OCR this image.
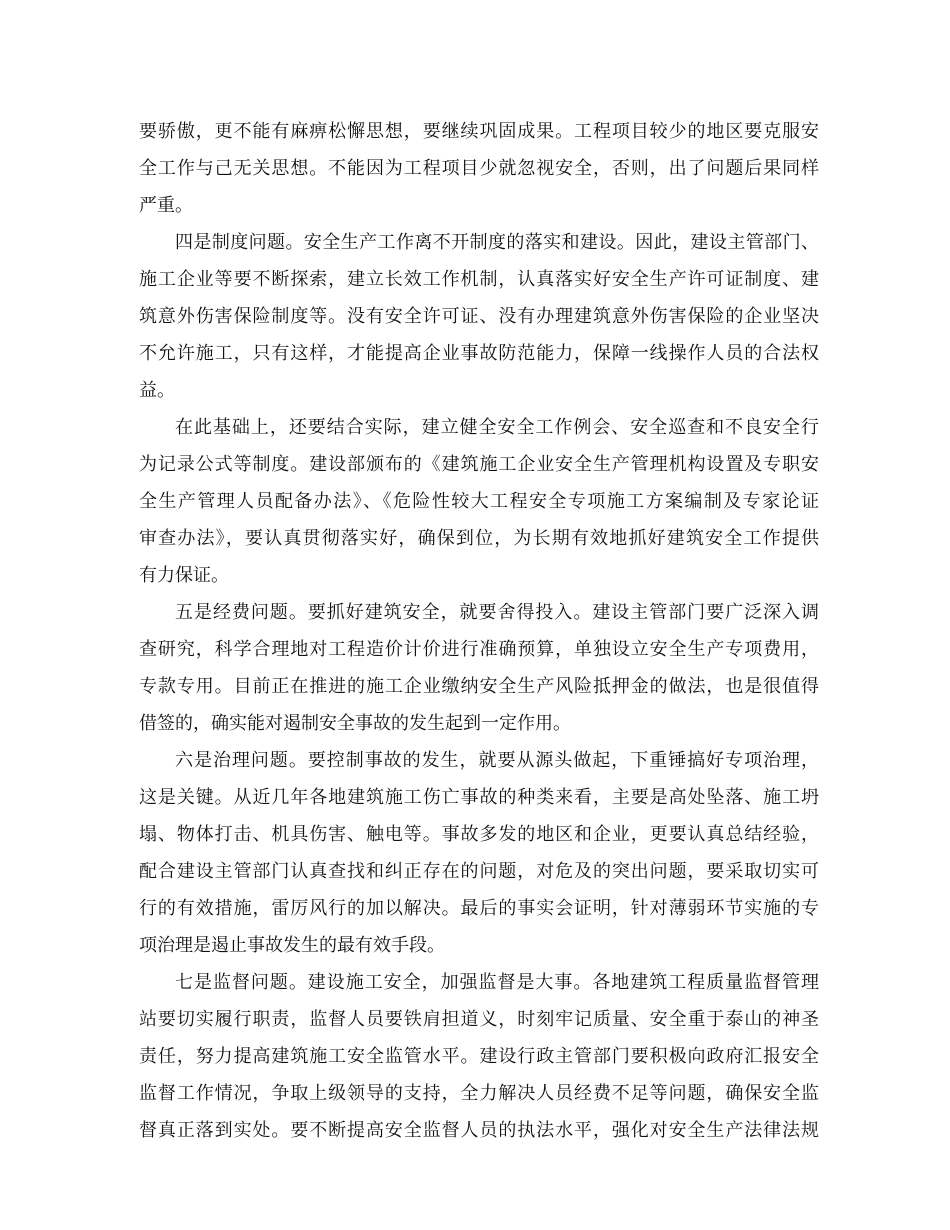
要骄傲，更不能有麻痹松懈思想，要继续巩固成果。工程项目较少的地区要克服安
全工作与己无关思想。不能因为工程项目少就忽视安全，否则，出了问题后果同样
严重。

四是制度问题。安全生产工作离不开制度的落实和建设。因此，建设主管部门、
施工企业等要不断探索，建立长效工作机制，认真落实好安全生产许可证制度、建
筑意外伤害保险制度等。没有安全许可证、没有办理建筑意外伤害保险的企业坚决
不允许施工，只有这样，才能提高企业事故防范能力，保障一线操作人员的合法权
益。

在此基础上，还要结合实际，建立健全安全工作例会、安全巡查和不良安全行
为记录公式等制度。建设部颁布的《建筑施工企业安全生产管理机构设置及专职安
全生产管理人员配备办法》、《危险性较大工程安全专项施工方案编制及专家论证
审查办法》，要认真贯彻落实好，确保到位，为长期有效地抓好建筑安全工作提供
有力保证。

五是经费问题。要抓好建筑安全，就要舍得投入。建设主管部门要广泛深入调
查研究，科学合理地对工程造价计价进行准确预算，单独设立安全生产专项费用，
专款专用。目前正在推进的施工企业缴纳安全生产风险抵押金的做法，也是很值得
借签的，确实能对遏制安全事故的发生起到一定作用。

六是治理问题。要控制事故的发生，就要从源头做起，下重锤搞好专项治理，
这是关键。从近几年各地建筑施工伤亡事故的种类来看，主要是高处坠落、施工坍
塌、物体打击、机具伤害、触电等。事故多发的地区和企业，更要认真总结经验，
配合建设主管部门认真查找和纠正存在的问题，对危及的突出问题，要采取切实可
行的有效措施，雷厉风行的加以解决。最后的事实会证明，针对薄弱环节实施的专
项治理是遏止事故发生的最有效手段。

七是监督问题。建设施工安全，加强监督是大事。各地建筑工程质量监督管理
站要切实履行职责，监督人员要铁肩担道义，时刻牢记质量、安全重于泰山的神圣
责任，努力提高建筑施工安全监管水平。建设行政主管部门要积极向政府汇报安全
监督工作情况，争取上级领导的支持，全力解决人员经费不足等问题，确保安全监
督真正落到实处。要不断提高安全监督人员的执法水平，强化对安全生产法律法规
